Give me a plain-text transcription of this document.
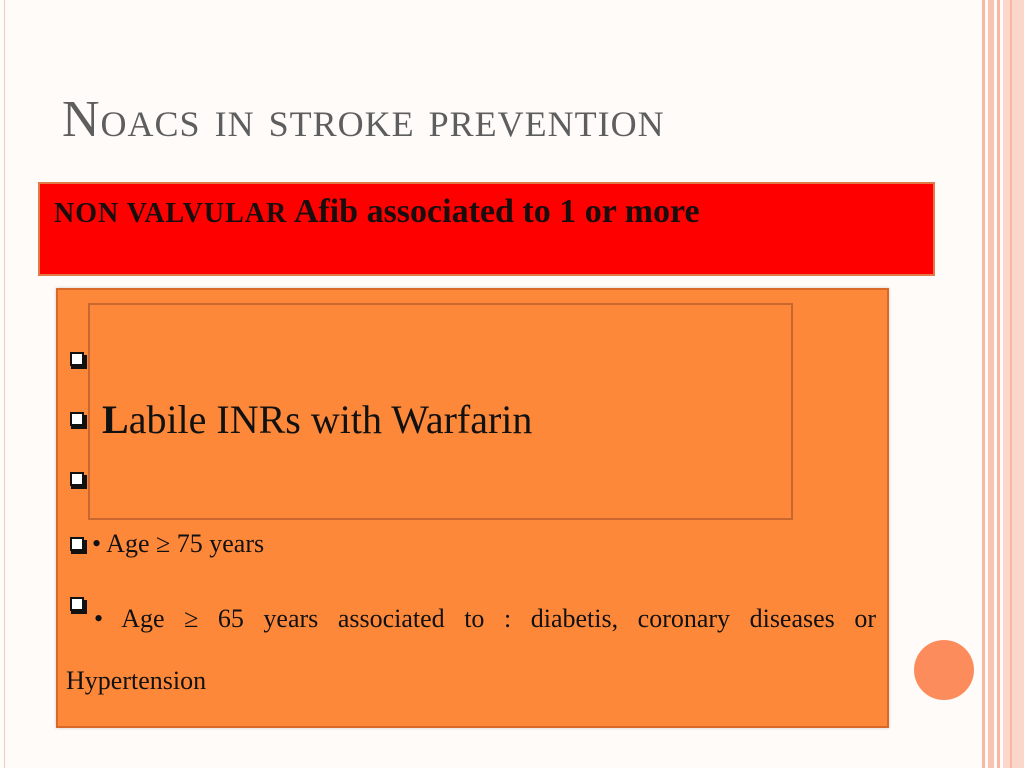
Noacs in stroke prevention
NON VALVULAR Afib associated to 1 or more
Labile INRs with Warfarin
• Age ≥ 75 years
• Age ≥ 65 years associated to : diabetis, coronary diseases or Hypertension
